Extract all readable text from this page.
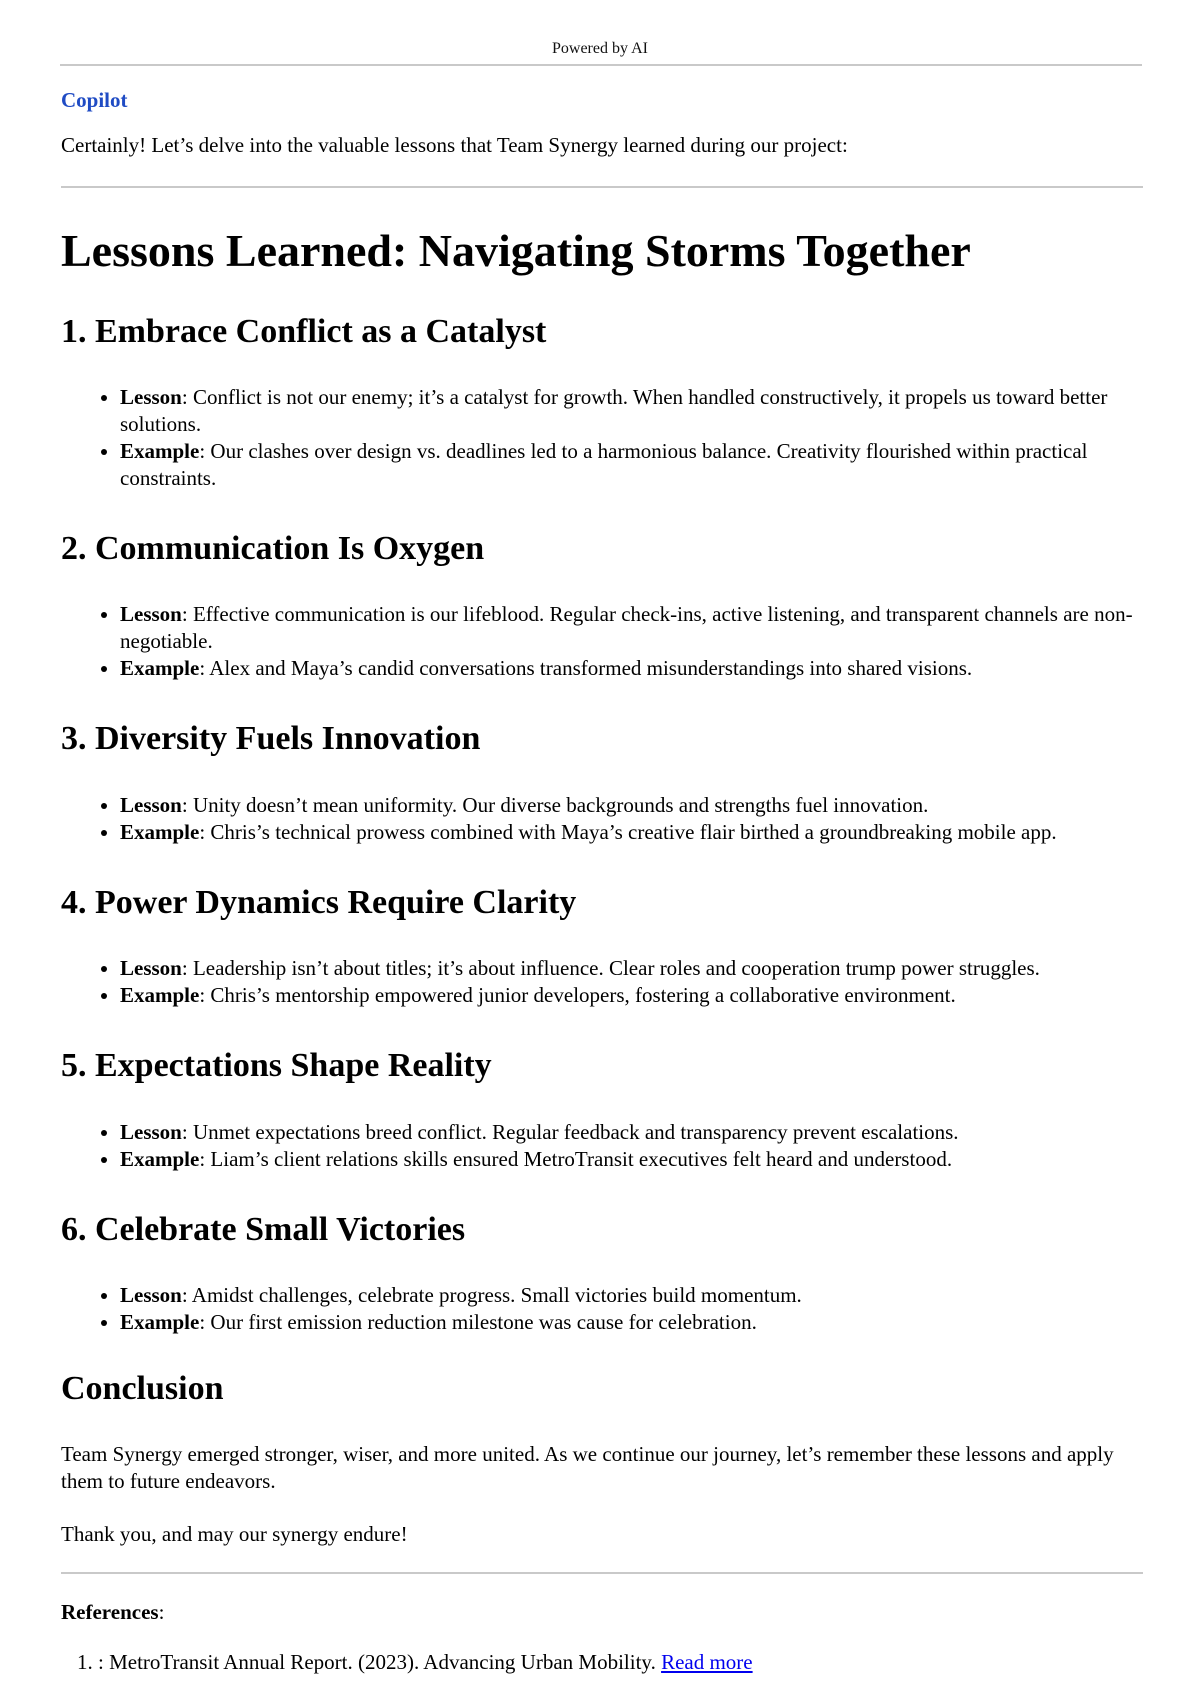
Powered by AI
Copilot

Certainly! Let’s delve into the valuable lessons that Team Synergy learned during our project:

Lessons Learned: Navigating Storms Together
1. Embrace Conflict as a Catalyst
• Lesson: Conflict is not our enemy; it’s a catalyst for growth. When handled constructively, it propels us toward better solutions.
• Example: Our clashes over design vs. deadlines led to a harmonious balance. Creativity flourished within practical constraints.
2. Communication Is Oxygen
• Lesson: Effective communication is our lifeblood. Regular check-ins, active listening, and transparent channels are non-negotiable.
• Example: Alex and Maya’s candid conversations transformed misunderstandings into shared visions.
3. Diversity Fuels Innovation
• Lesson: Unity doesn’t mean uniformity. Our diverse backgrounds and strengths fuel innovation.
• Example: Chris’s technical prowess combined with Maya’s creative flair birthed a groundbreaking mobile app.
4. Power Dynamics Require Clarity
• Lesson: Leadership isn’t about titles; it’s about influence. Clear roles and cooperation trump power struggles.
• Example: Chris’s mentorship empowered junior developers, fostering a collaborative environment.
5. Expectations Shape Reality
• Lesson: Unmet expectations breed conflict. Regular feedback and transparency prevent escalations.
• Example: Liam’s client relations skills ensured MetroTransit executives felt heard and understood.
6. Celebrate Small Victories
• Lesson: Amidst challenges, celebrate progress. Small victories build momentum.
• Example: Our first emission reduction milestone was cause for celebration.
Conclusion

Team Synergy emerged stronger, wiser, and more united. As we continue our journey, let’s remember these lessons and apply them to future endeavors.

Thank you, and may our synergy endure!

References:

1. : MetroTransit Annual Report. (2023). Advancing Urban Mobility. Read more
